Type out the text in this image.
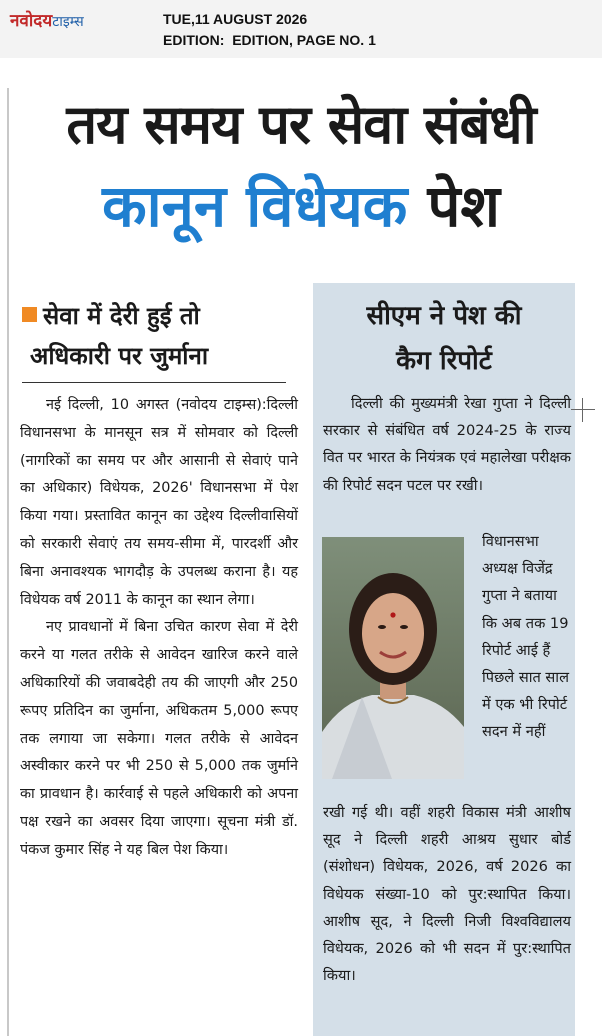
नवोदयटाइम्स	TUE,11 AUGUST 2026
EDITION:  EDITION, PAGE NO. 1
तय समय पर सेवा संबंधी
कानून विधेयक पेश
सेवा में देरी हुई तो
अधिकारी पर जुर्माना

नई दिल्ली, 10 अगस्त (नवोदय टाइम्स):दिल्ली विधानसभा के मानसून सत्र में सोमवार को दिल्ली (नागरिकों का समय पर और आसानी से सेवाएं पाने का अधिकार) विधेयक, 2026' विधानसभा में पेश किया गया। प्रस्तावित कानून का उद्देश्य दिल्लीवासियों को सरकारी सेवाएं तय समय-सीमा में, पारदर्शी और बिना अनावश्यक भागदौड़ के उपलब्ध कराना है। यह विधेयक वर्ष 2011 के कानून का स्थान लेगा।

नए प्रावधानों में बिना उचित कारण सेवा में देरी करने या गलत तरीके से आवेदन खारिज करने वाले अधिकारियों की जवाबदेही तय की जाएगी और 250 रूपए प्रतिदिन का जुर्माना, अधिकतम 5,000 रूपए तक लगाया जा सकेगा। गलत तरीके से आवेदन अस्वीकार करने पर भी 250 से 5,000 तक जुर्माने का प्रावधान है। कार्रवाई से पहले अधिकारी को अपना पक्ष रखने का अवसर दिया जाएगा। सूचना मंत्री डॉ. पंकज कुमार सिंह ने यह बिल पेश किया।

सीएम ने पेश की
कैग रिपोर्ट

दिल्ली की मुख्यमंत्री रेखा गुप्ता ने दिल्ली सरकार से संबंधित वर्ष 2024-25 के राज्य वित पर भारत के नियंत्रक एवं महालेखा परीक्षक की रिपोर्ट सदन पटल पर रखी।

विधानसभा अध्यक्ष विजेंद्र गुप्ता ने बताया कि अब तक 19 रिपोर्ट आई हैं पिछले सात साल में एक भी रिपोर्ट सदन में नहीं

रखी गई थी। वहीं शहरी विकास मंत्री आशीष सूद ने दिल्ली शहरी आश्रय सुधार बोर्ड (संशोधन) विधेयक, 2026, वर्ष 2026 का विधेयक संख्या-10 को पुर:स्थापित किया। आशीष सूद, ने दिल्ली निजी विश्वविद्यालय विधेयक, 2026 को भी सदन में पुर:स्थापित किया।
